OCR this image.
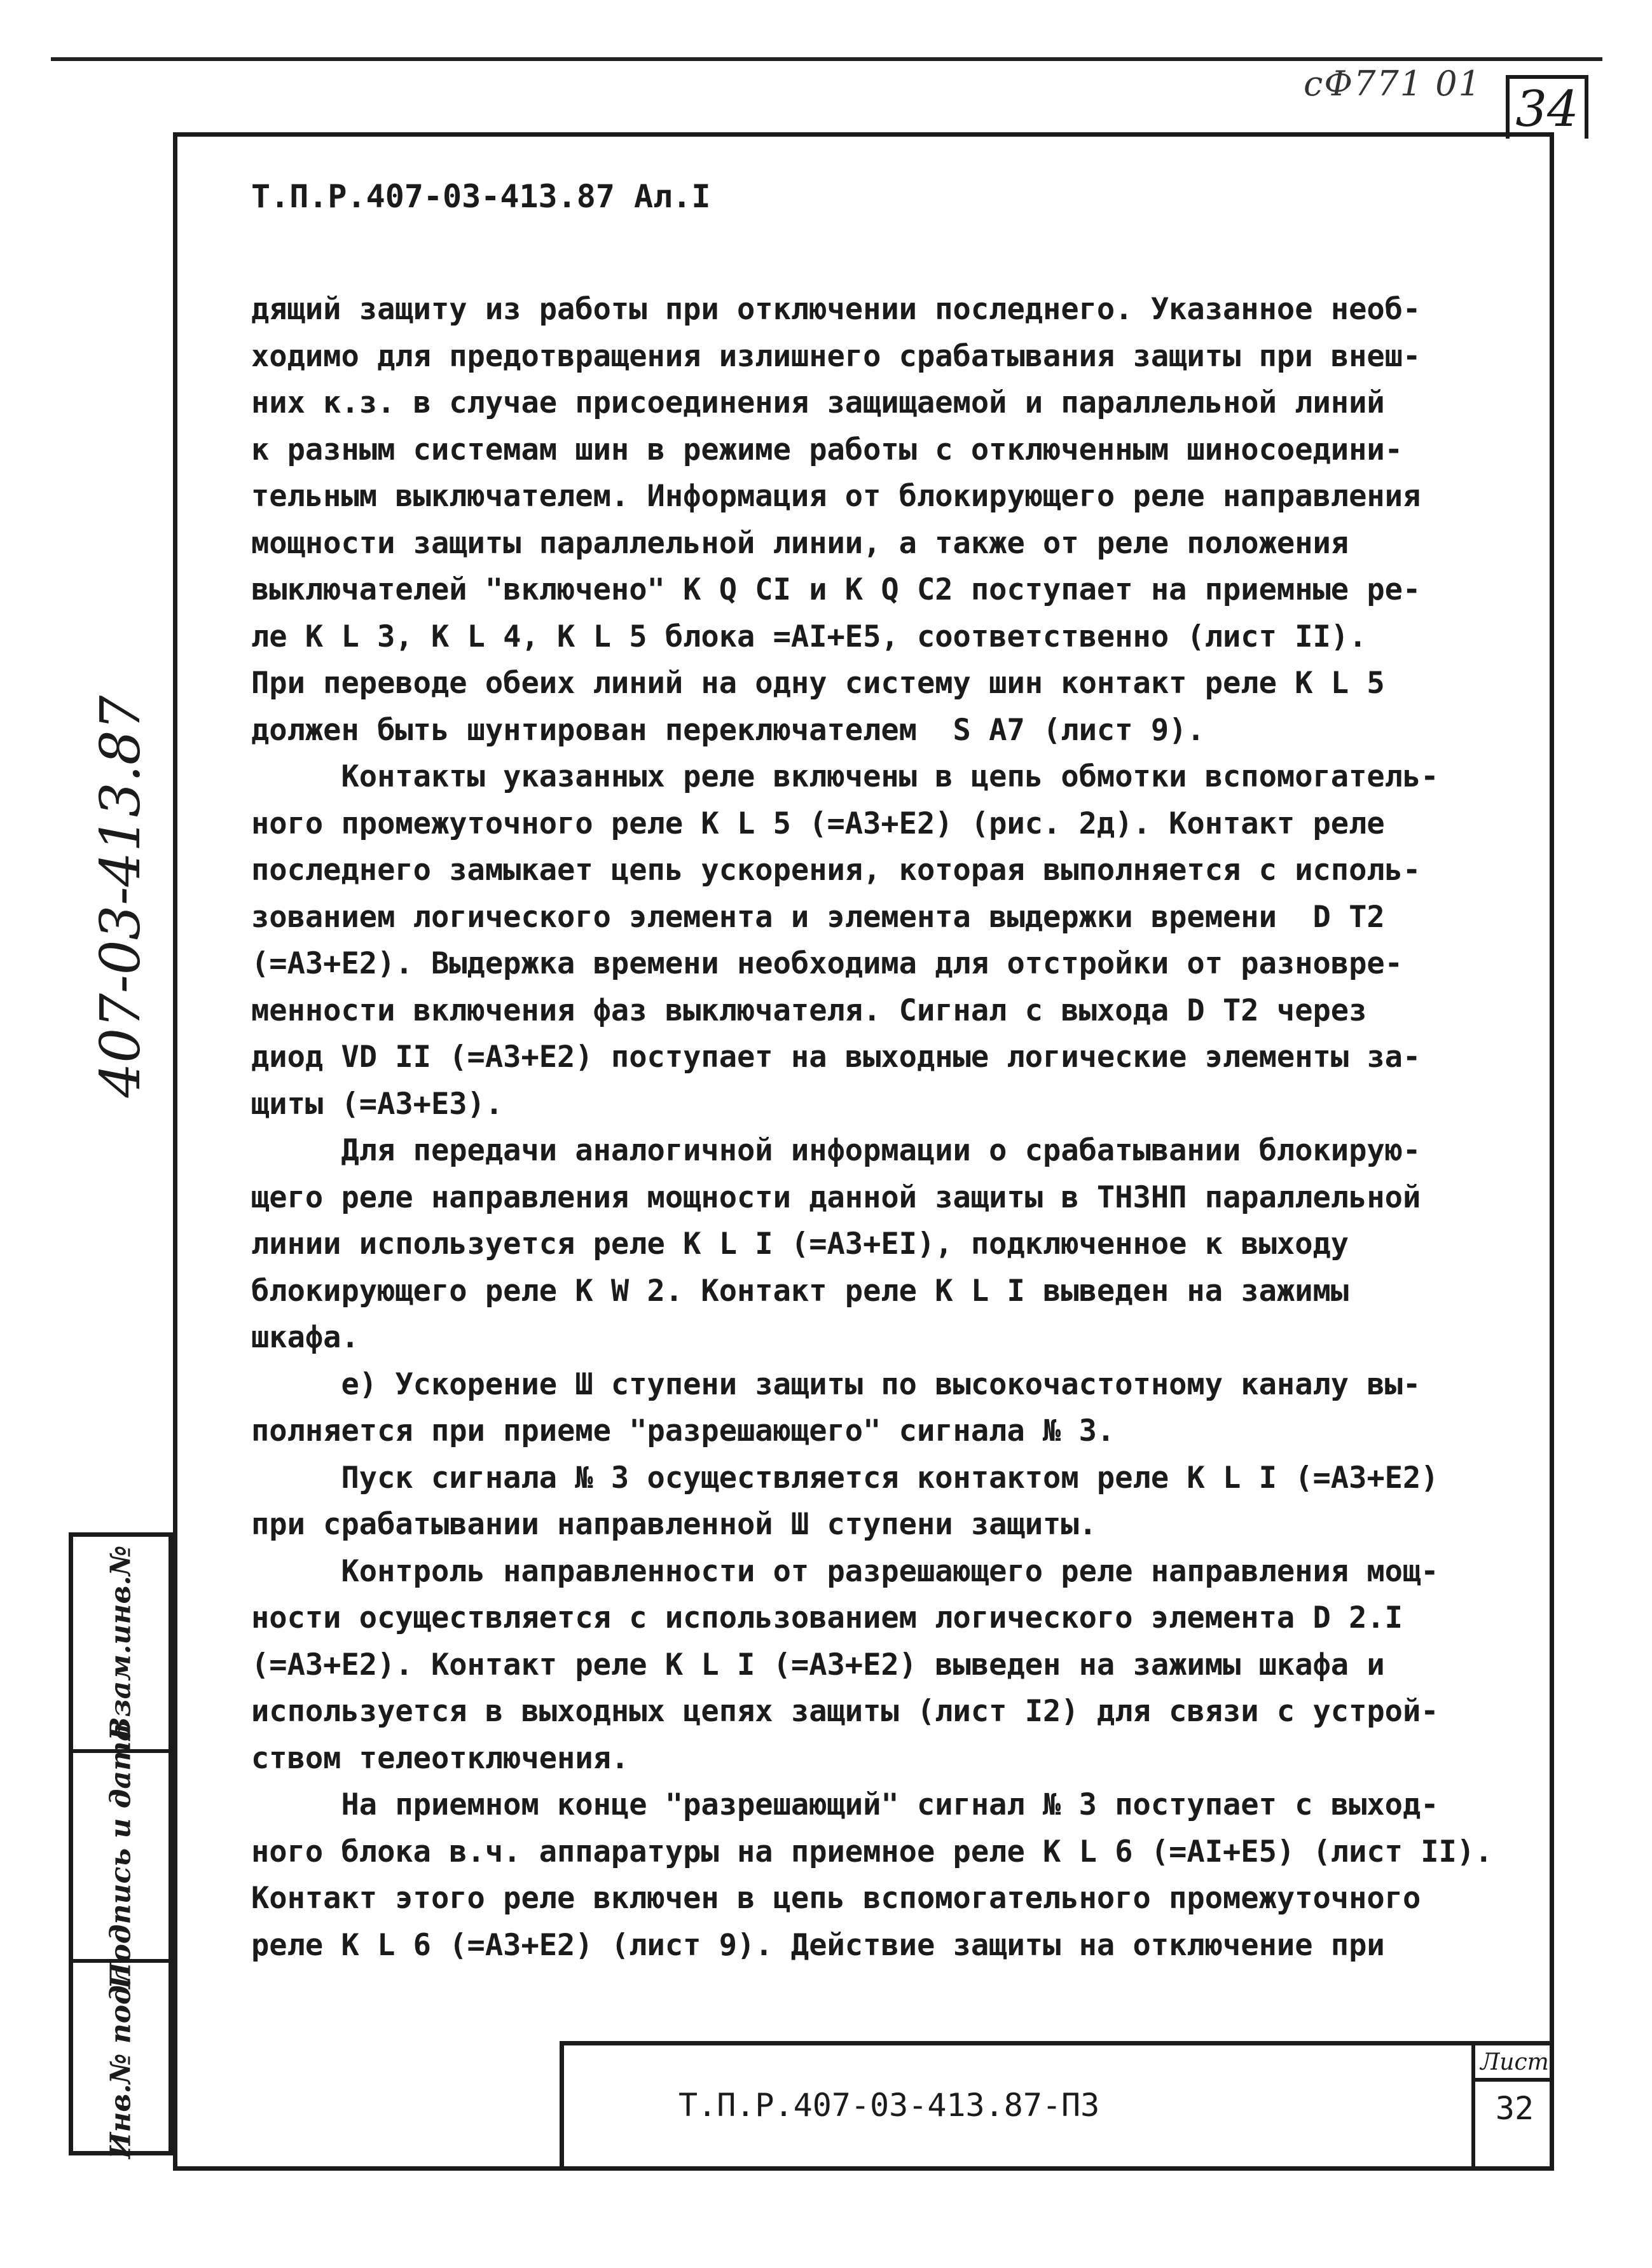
сФ771 01 34
Т.П.Р.407-03-413.87 Ал.I
дящий защиту из работы при отключении последнего. Указанное необ-
ходимо для предотвращения излишнего срабатывания защиты при внеш-
них к.з. в случае присоединения защищаемой и параллельной линий
к разным системам шин в режиме работы с отключенным шиносоедини-
тельным выключателем. Информация от блокирующего реле направления
мощности защиты параллельной линии, а также от реле положения
выключателей "включено" К Q CI и К Q C2 поступает на приемные ре-
ле К L 3, К L 4, К L 5 блока =AI+E5, соответственно (лист II).
При переводе обеих линий на одну систему шин контакт реле К L 5
должен быть шунтирован переключателем  S A7 (лист 9).
Контакты указанных реле включены в цепь обмотки вспомогатель-
ного промежуточного реле К L 5 (=A3+E2) (рис. 2д). Контакт реле
последнего замыкает цепь ускорения, которая выполняется с исполь-
зованием логического элемента и элемента выдержки времени  D T2
(=A3+E2). Выдержка времени необходима для отстройки от разновре-
менности включения фаз выключателя. Сигнал с выхода D T2 через
диод VD II (=A3+E2) поступает на выходные логические элементы за-
щиты (=A3+E3).
Для передачи аналогичной информации о срабатывании блокирую-
щего реле направления мощности данной защиты в ТНЗНП параллельной
линии используется реле К L I (=A3+EI), подключенное к выходу
блокирующего реле К W 2. Контакт реле К L I выведен на зажимы
шкафа.
е) Ускорение Ш ступени защиты по высокочастотному каналу вы-
полняется при приеме "разрешающего" сигнала № 3.
Пуск сигнала № 3 осуществляется контактом реле К L I (=A3+E2)
при срабатывании направленной Ш ступени защиты.
Контроль направленности от разрешающего реле направления мощ-
ности осуществляется с использованием логического элемента D 2.I
(=A3+E2). Контакт реле К L I (=A3+E2) выведен на зажимы шкафа и
используется в выходных цепях защиты (лист I2) для связи с устрой-
ством телеотключения.
На приемном конце "разрешающий" сигнал № 3 поступает с выход-
ного блока в.ч. аппаратуры на приемное реле К L 6 (=AI+E5) (лист II).
Контакт этого реле включен в цепь вспомогательного промежуточного
реле К L 6 (=A3+E2) (лист 9). Действие защиты на отключение при
407-03-413.87
Взам.инв.№
Подпись и дата
Инв.№ подл.	Т.П.Р.407-03-413.87-ПЗ
Лист
32
